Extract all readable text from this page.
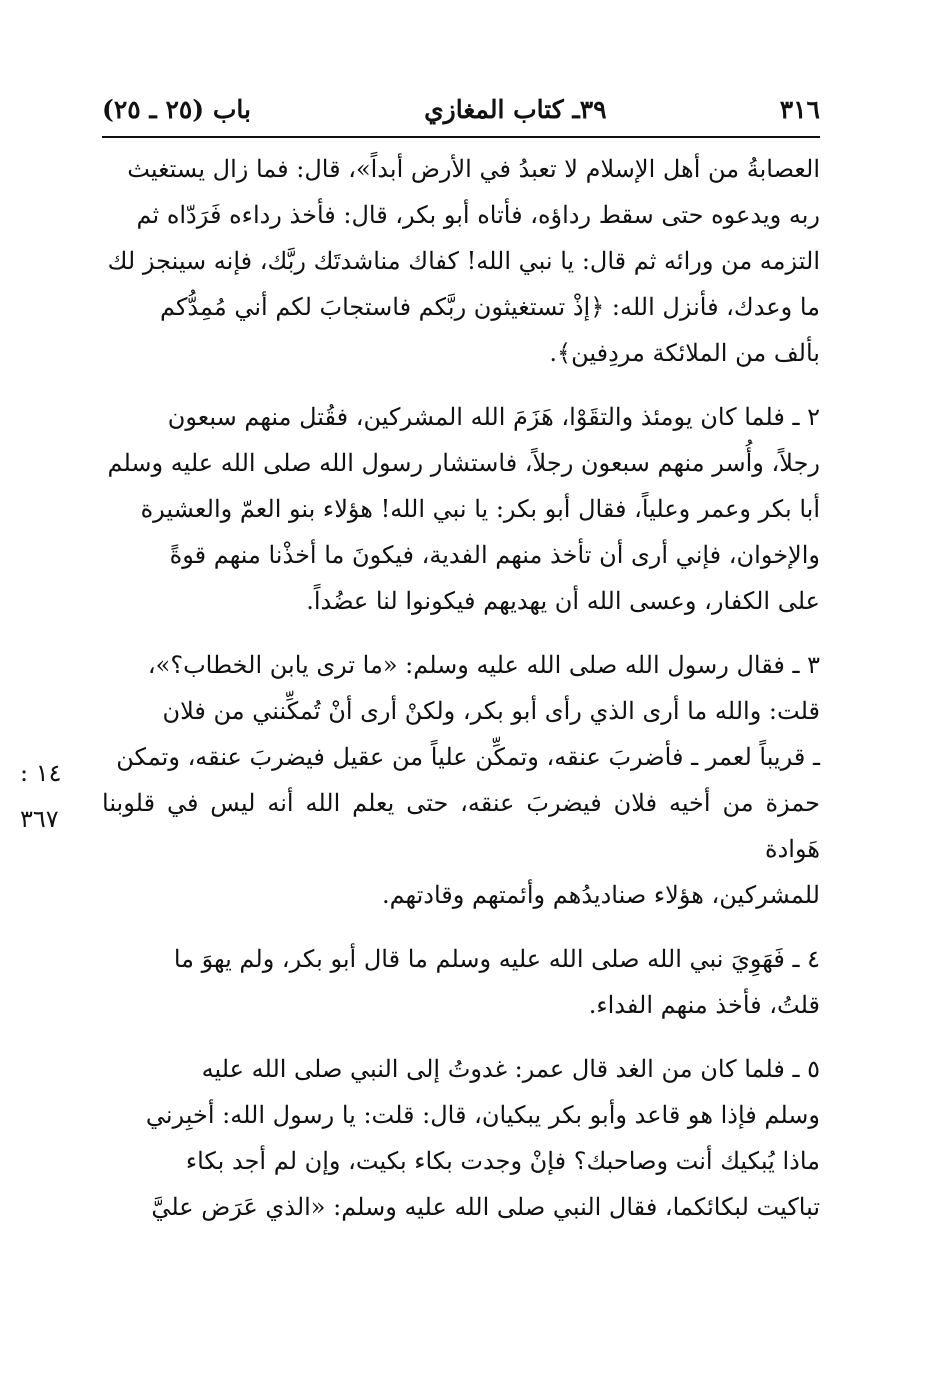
٣١٦
٣٩ـ كتاب المغازي
باب (٢٥ ـ ٢٥)
١٤ : ٣٦٧

العصابةُ من أهل الإسلام لا تعبدُ في الأرض أبداً»، قال: فما زال يستغيث

ربه ويدعوه حتى سقط رداؤه، فأتاه أبو بكر، قال: فأخذ رداءه فَرَدّاه ثم

التزمه من ورائه ثم قال: يا نبي الله! كفاك مناشدتَك ربَّك، فإنه سينجز لك

ما وعدك، فأنزل الله: ﴿إذْ تستغيثون ربَّكم فاستجابَ لكم أني مُمِدُّكم

بألف من الملائكة مردِفين﴾.

٢ ـ فلما كان يومئذ والتقَوْا، هَزَمَ الله المشركين، فقُتل منهم سبعون

رجلاً، وأُسر منهم سبعون رجلاً، فاستشار رسول الله صلى الله عليه وسلم

أبا بكر وعمر وعلياً، فقال أبو بكر: يا نبي الله! هؤلاء بنو العمّ والعشيرة

والإخوان، فإني أرى أن تأخذ منهم الفدية، فيكونَ ما أخذْنا منهم قوةً

على الكفار، وعسى الله أن يهديهم فيكونوا لنا عضُداً.

٣ ـ فقال رسول الله صلى الله عليه وسلم: «ما ترى يابن الخطاب؟»،

قلت: والله ما أرى الذي رأى أبو بكر، ولكنْ أرى أنْ تُمكِّنني من فلان

ـ قريباً لعمر ـ فأضربَ عنقه، وتمكِّن علياً من عقيل فيضربَ عنقه، وتمكن

حمزة من أخيه فلان فيضربَ عنقه، حتى يعلم الله أنه ليس في قلوبنا هَوادة

للمشركين، هؤلاء صناديدُهم وأئمتهم وقادتهم.

٤ ـ فَهَوِيَ نبي الله صلى الله عليه وسلم ما قال أبو بكر، ولم يهوَ ما

قلتُ، فأخذ منهم الفداء.

٥ ـ فلما كان من الغد قال عمر: غدوتُ إلى النبي صلى الله عليه

وسلم فإذا هو قاعد وأبو بكر يبكيان، قال: قلت: يا رسول الله: أخبِرني

ماذا يُبكيك أنت وصاحبك؟ فإنْ وجدت بكاء بكيت، وإن لم أجد بكاء

تباكيت لبكائكما، فقال النبي صلى الله عليه وسلم: «الذي عَرَض عليَّ
